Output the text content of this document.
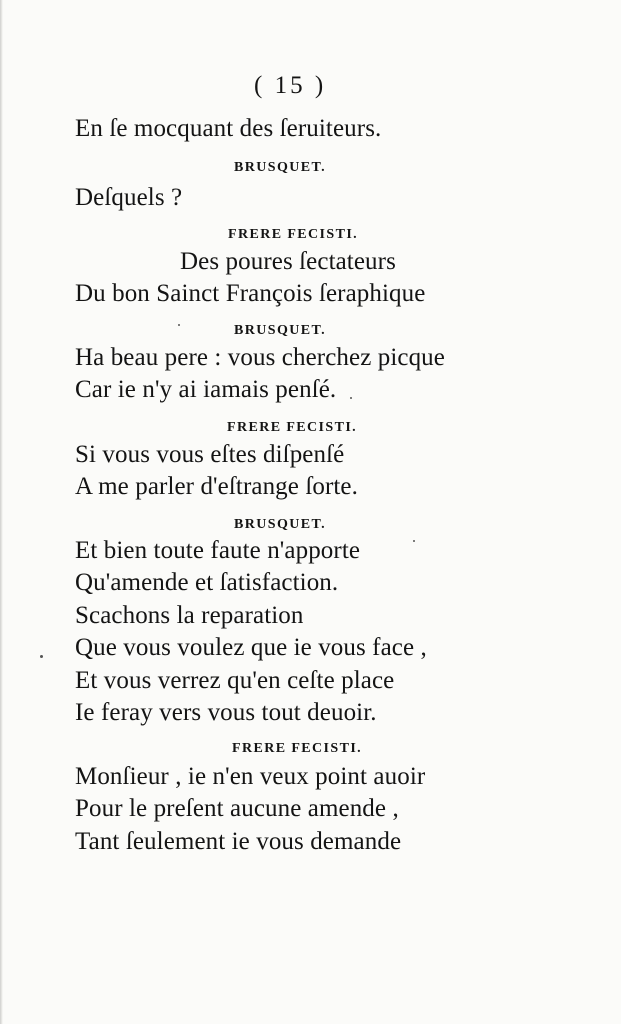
( 15 )
En ſe mocquant des ſeruiteurs.
BRUSQUET.
Deſquels ?
FRERE FECISTI.
Des poures ſectateurs
Du bon Sainct François ſeraphique
BRUSQUET.
Ha beau pere : vous cherchez picque
Car ie n'y ai iamais penſé.
FRERE FECISTI.
Si vous vous eſtes diſpenſé
A me parler d'eſtrange ſorte.
BRUSQUET.
Et bien toute faute n'apporte
Qu'amende et ſatisfaction.
Scachons la reparation
Que vous voulez que ie vous face ,
Et vous verrez qu'en ceſte place
Ie feray vers vous tout deuoir.
FRERE FECISTI.
Monſieur , ie n'en veux point auoir
Pour le preſent aucune amende ,
Tant ſeulement ie vous demande
